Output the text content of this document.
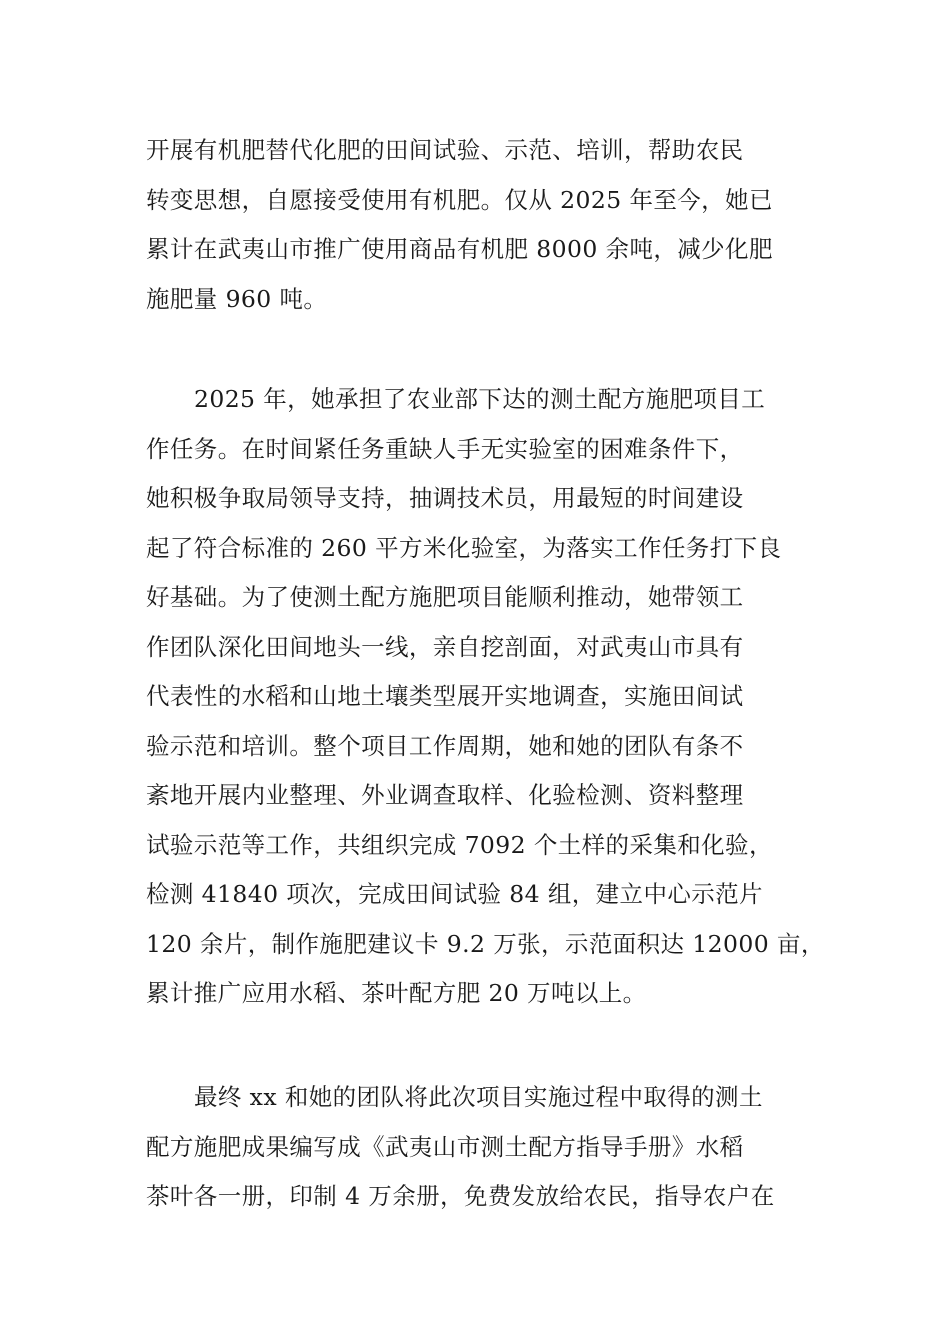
开展有机肥替代化肥的田间试验、示范、培训，帮助农民
转变思想，自愿接受使用有机肥。仅从 2025 年至今，她已
累计在武夷山市推广使用商品有机肥 8000 余吨，减少化肥
施肥量 960 吨。

2025 年，她承担了农业部下达的测土配方施肥项目工
作任务。在时间紧任务重缺人手无实验室的困难条件下，
她积极争取局领导支持，抽调技术员，用最短的时间建设
起了符合标准的 260 平方米化验室，为落实工作任务打下良
好基础。为了使测土配方施肥项目能顺利推动，她带领工
作团队深化田间地头一线，亲自挖剖面，对武夷山市具有
代表性的水稻和山地土壤类型展开实地调查，实施田间试
验示范和培训。整个项目工作周期，她和她的团队有条不
紊地开展内业整理、外业调查取样、化验检测、资料整理
试验示范等工作，共组织完成 7092 个土样的采集和化验，
检测 41840 项次，完成田间试验 84 组，建立中心示范片
120 余片，制作施肥建议卡 9.2 万张，示范面积达 12000 亩，
累计推广应用水稻、茶叶配方肥 20 万吨以上。

最终 xx 和她的团队将此次项目实施过程中取得的测土
配方施肥成果编写成《武夷山市测土配方指导手册》水稻
茶叶各一册，印制 4 万余册，免费发放给农民，指导农户在
